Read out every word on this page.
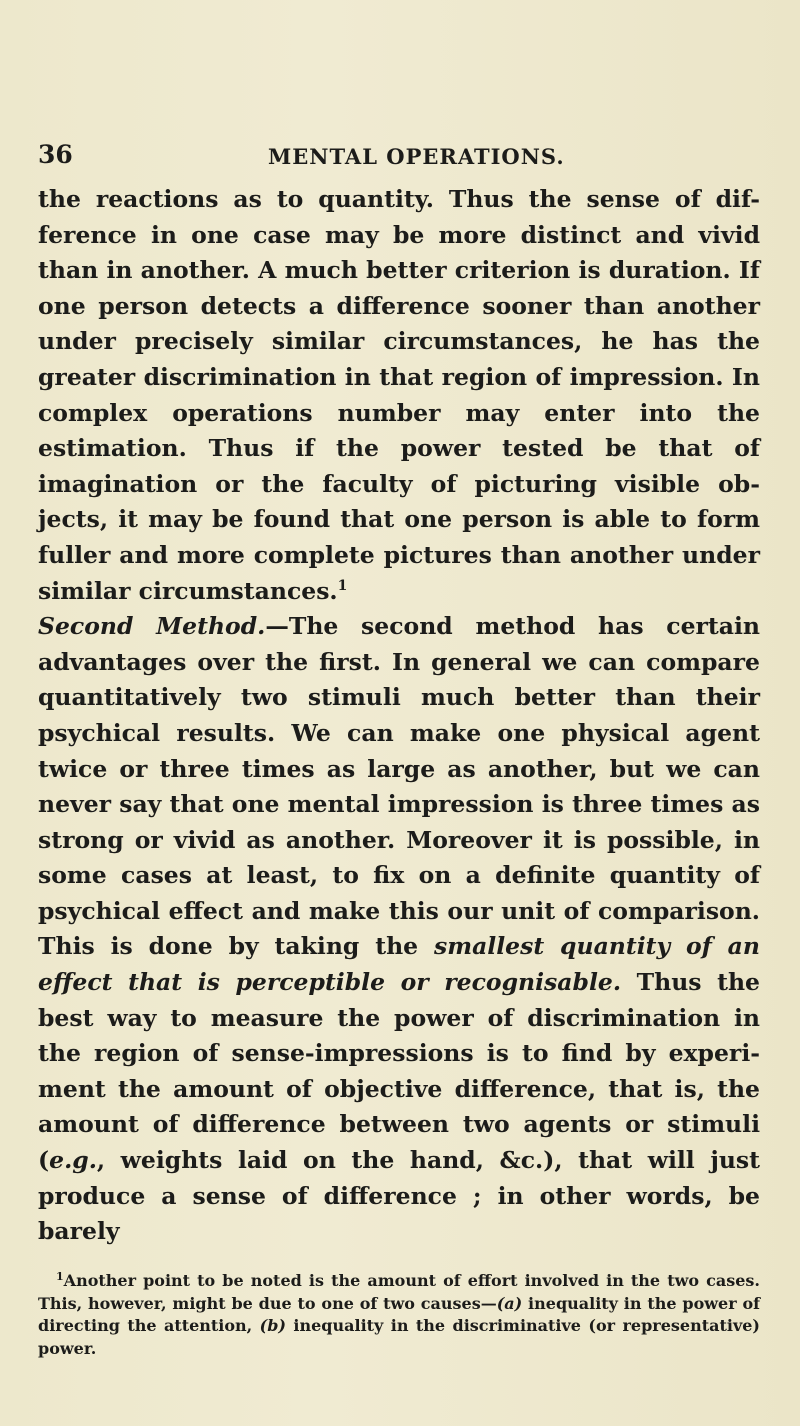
36	MENTAL OPERATIONS.

the reactions as to quantity. Thus the sense of dif- ference in one case may be more distinct and vivid than in another. A much better criterion is duration. If one person detects a difference sooner than another under precisely similar circumstances, he has the greater discrimination in that region of impression. In complex operations number may enter into the estimation. Thus if the power tested be that of imagination or the faculty of picturing visible ob- jects, it may be found that one person is able to form fuller and more complete pictures than another under similar circumstances.$^1$

Second Method.—The second method has certain advantages over the first. In general we can compare quantitatively two stimuli much better than their psychical results. We can make one physical agent twice or three times as large as another, but we can never say that one mental impression is three times as strong or vivid as another. Moreover it is possible, in some cases at least, to fix on a definite quantity of psychical effect and make this our unit of comparison. This is done by taking the smallest quantity of an effect that is perceptible or recognisable. Thus the best way to measure the power of discrimination in the region of sense-impressions is to find by experi- ment the amount of objective difference, that is, the amount of difference between two agents or stimuli (e.g., weights laid on the hand, &c.), that will just produce a sense of difference ; in other words, be barely

$^1$Another point to be noted is the amount of effort involved in the two cases. This, however, might be due to one of two causes—(a) inequality in the power of directing the attention, (b) inequality in the discriminative (or representative) power.
